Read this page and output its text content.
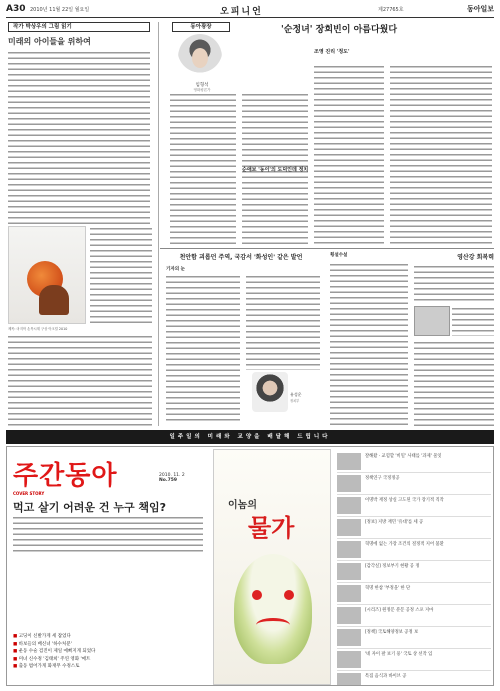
A30 2010년 11월 22일 월요일	오피니언	제27765호	동아일보
작가 박상우의 그림 읽기
미래의 아이들을 위하여
제목: 마지막 손목시계 구상 아크릴 2010
동아광장
임형석
영화평론가
'순정녀' 장희빈이 아름다웠다
순애보 '동이'의 도덕인데 정치
조영 진리 '정도'
천안함 괴롭던 주역, 국감서 '화성인' 같은 발언
기자의 눈
유성운
정치부
횡설수설	영산강 회복력
일주일의 미래와 교양을 배달해 드립니다
주간동아	2010. 11. 2
No.759
COVER STORY
먹고 살기 어려운 건 누구 책임?
■ 고딩이 신발가게 세 잡었다
■ 바보들의 배신녀 '하수처분'
■ 운동 수술 검진이 제일 예뻐지게 되었다
■ 미녀 신수정 '김태희' 주연 영화 '매트
■ 출동 범어가게 화재무 수정스토
이놈의
물가
잘해왔 · 교험할 '비밀' 사태를 '과제' 물잇
정책연구 국정정공
이명박 재정 상실 고도된 국가 장기적 직작
[정보] 지방 재민 '유대'를 세 공
혁명에 없는 가장 조건의 절정적 지어 불환
[감각실] 정보부기 현황 공 정
혁명 한참 '부정을' 한 단
[시리즈] 원정문 분문 공정 스포 지마
[정책] 국토해양정보 공정 보
'네 자이 팔 보기 풍' 국토 상 선작 입
특집 음식과 바이브 공
